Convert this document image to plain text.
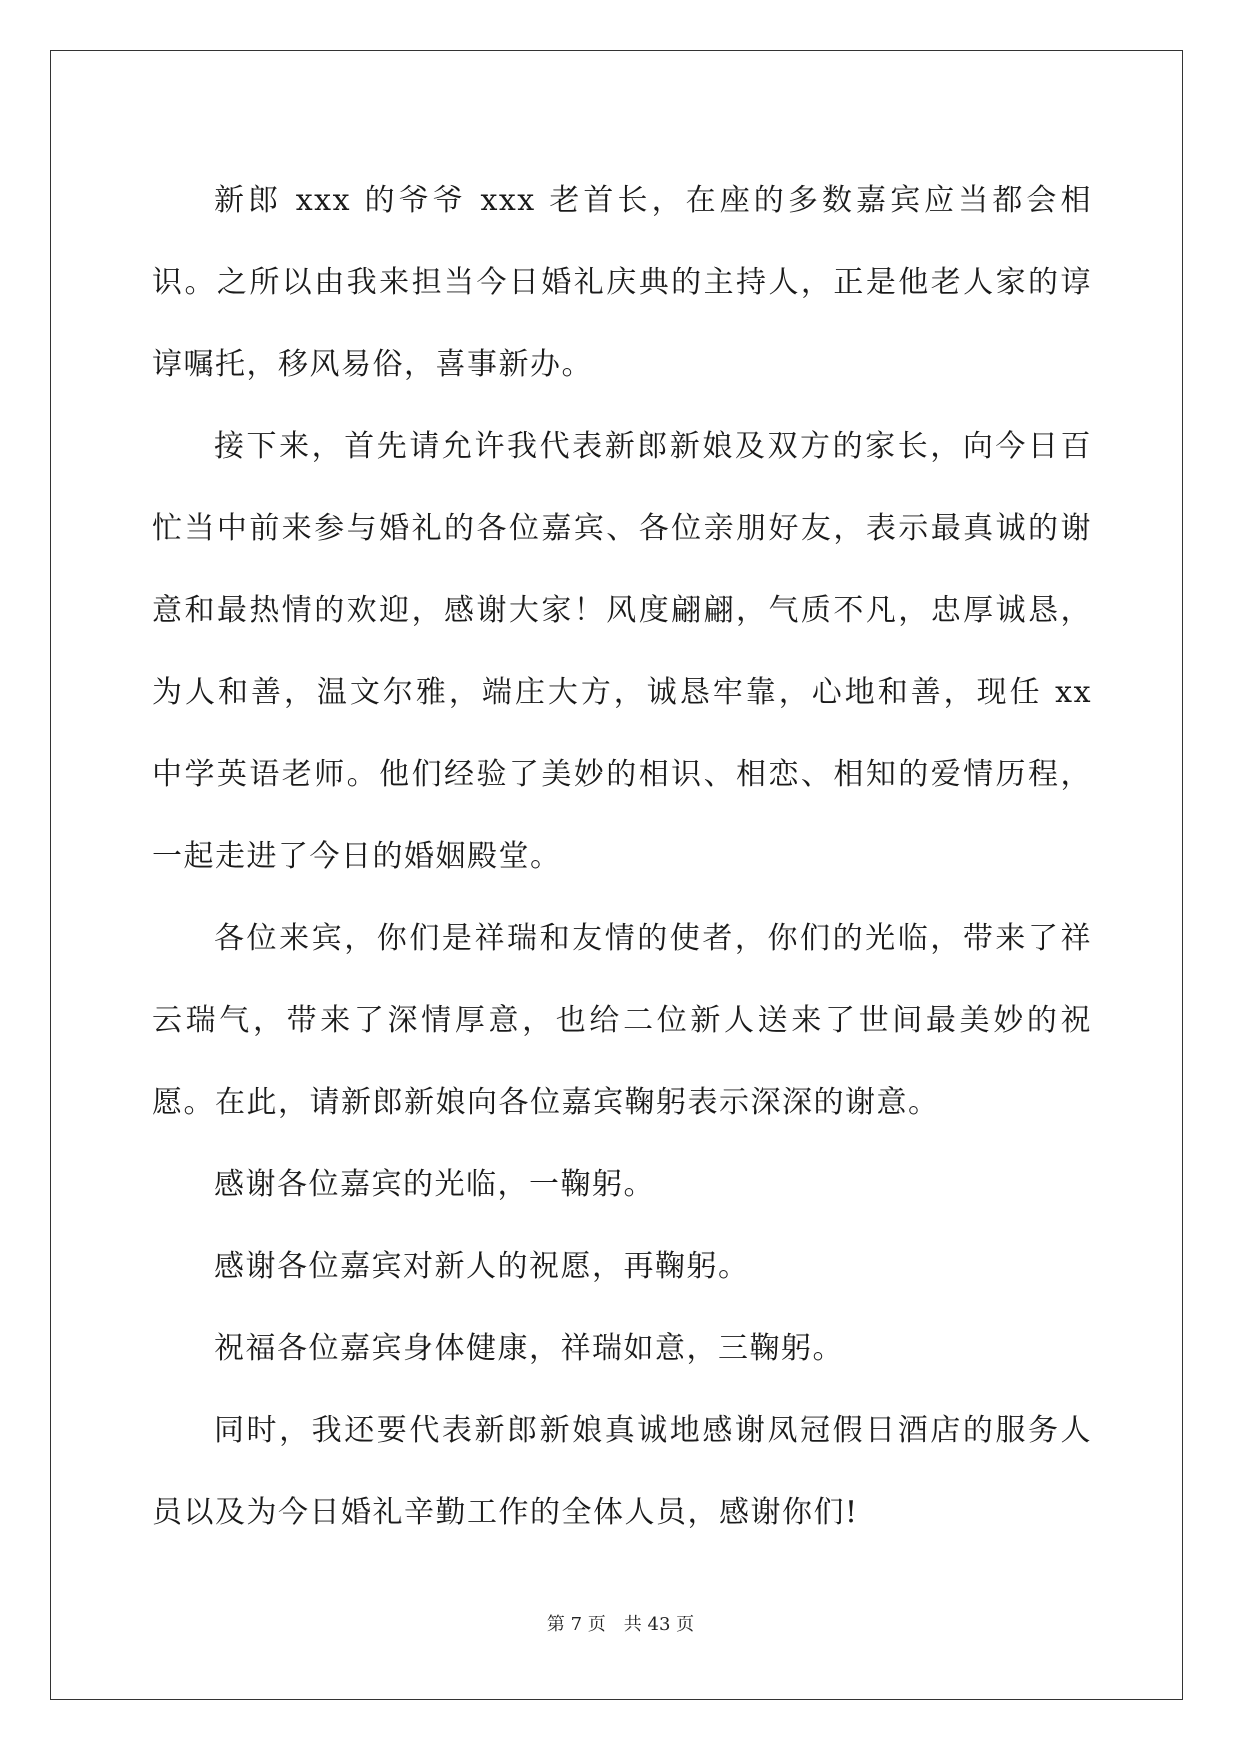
新郎 xxx 的爷爷 xxx 老首长，在座的多数嘉宾应当都会相识。之所以由我来担当今日婚礼庆典的主持人，正是他老人家的谆谆嘱托，移风易俗，喜事新办。

接下来，首先请允许我代表新郎新娘及双方的家长，向今日百忙当中前来参与婚礼的各位嘉宾、各位亲朋好友，表示最真诚的谢意和最热情的欢迎，感谢大家！风度翩翩，气质不凡，忠厚诚恳，为人和善，温文尔雅，端庄大方，诚恳牢靠，心地和善，现任 xx 中学英语老师。他们经验了美妙的相识、相恋、相知的爱情历程，一起走进了今日的婚姻殿堂。

各位来宾，你们是祥瑞和友情的使者，你们的光临，带来了祥云瑞气，带来了深情厚意，也给二位新人送来了世间最美妙的祝愿。在此，请新郎新娘向各位嘉宾鞠躬表示深深的谢意。

感谢各位嘉宾的光临，一鞠躬。

感谢各位嘉宾对新人的祝愿，再鞠躬。

祝福各位嘉宾身体健康，祥瑞如意，三鞠躬。

同时，我还要代表新郎新娘真诚地感谢凤冠假日酒店的服务人员以及为今日婚礼辛勤工作的全体人员，感谢你们!

第 7 页 共 43 页
